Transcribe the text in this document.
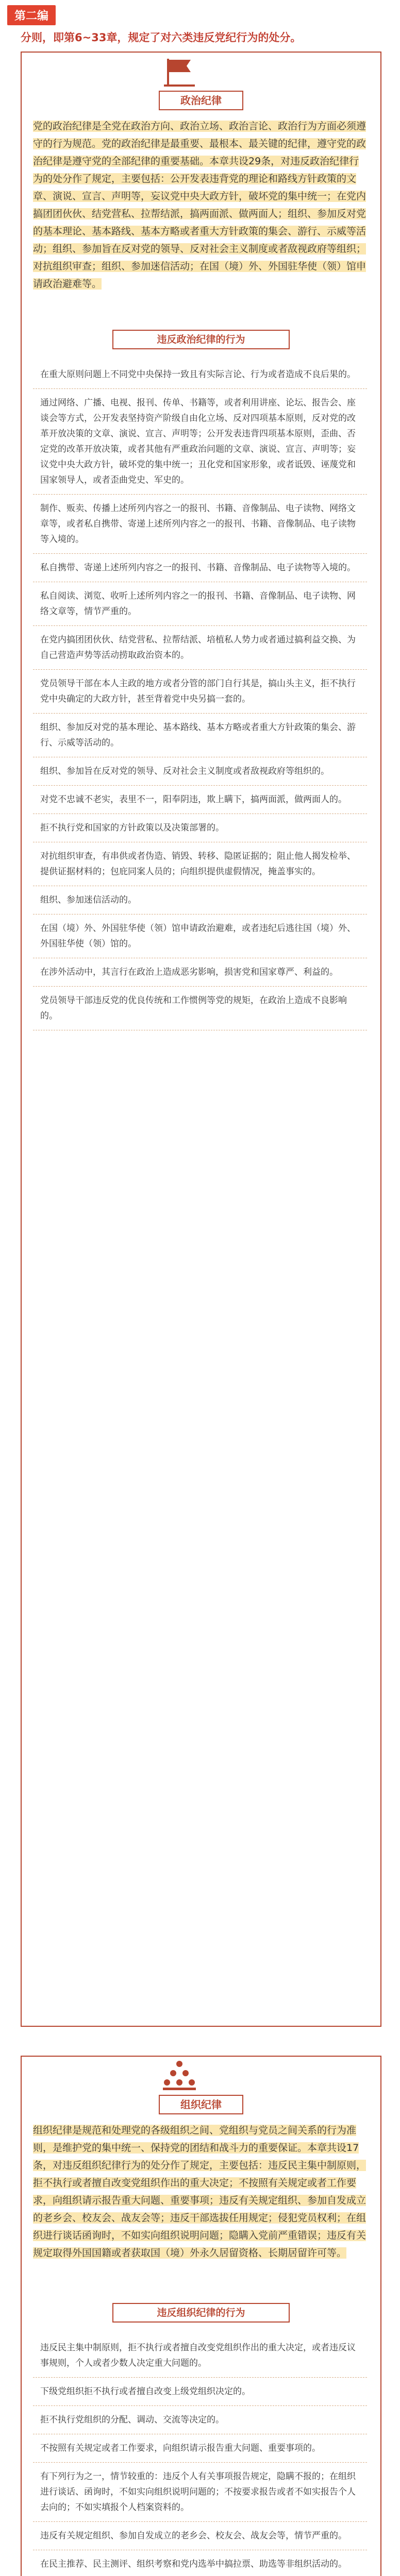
第二编
分则，即第6~33章，规定了对六类违反党纪行为的处分。
政治纪律
党的政治纪律是全党在政治方向、政治立场、政治言论、政治行为方面必须遵守的行为规范。党的政治纪律是最重要、最根本、最关键的纪律，遵守党的政治纪律是遵守党的全部纪律的重要基础。本章共设29条，对违反政治纪律行为的处分作了规定，主要包括：公开发表违背党的理论和路线方针政策的文章、演说、宣言、声明等，妄议党中央大政方针，破坏党的集中统一；在党内搞团团伙伙、结党营私、拉帮结派，搞两面派、做两面人；组织、参加反对党的基本理论、基本路线、基本方略或者重大方针政策的集会、游行、示威等活动；组织、参加旨在反对党的领导、反对社会主义制度或者敌视政府等组织；对抗组织审查；组织、参加迷信活动；在国（境）外、外国驻华使（领）馆申请政治避难等。
违反政治纪律的行为

在重大原则问题上不同党中央保持一致且有实际言论、行为或者造成不良后果的。

通过网络、广播、电视、报刊、传单、书籍等，或者利用讲座、论坛、报告会、座谈会等方式，公开发表坚持资产阶级自由化立场、反对四项基本原则，反对党的改革开放决策的文章、演说、宣言、声明等；公开发表违背四项基本原则，歪曲、否定党的改革开放决策，或者其他有严重政治问题的文章、演说、宣言、声明等；妄议党中央大政方针，破坏党的集中统一；丑化党和国家形象，或者诋毁、诬蔑党和国家领导人，或者歪曲党史、军史的。

制作、贩卖、传播上述所列内容之一的报刊、书籍、音像制品、电子读物、网络文章等，或者私自携带、寄递上述所列内容之一的报刊、书籍、音像制品、电子读物等入境的。

私自携带、寄递上述所列内容之一的报刊、书籍、音像制品、电子读物等入境的。

私自阅读、浏览、收听上述所列内容之一的报刊、书籍、音像制品、电子读物、网络文章等，情节严重的。

在党内搞团团伙伙、结党营私、拉帮结派、培植私人势力或者通过搞利益交换、为自己营造声势等活动捞取政治资本的。

党员领导干部在本人主政的地方或者分管的部门自行其是，搞山头主义，拒不执行党中央确定的大政方针，甚至背着党中央另搞一套的。

组织、参加反对党的基本理论、基本路线、基本方略或者重大方针政策的集会、游行、示威等活动的。

组织、参加旨在反对党的领导、反对社会主义制度或者敌视政府等组织的。

对党不忠诚不老实，表里不一，阳奉阴违，欺上瞒下，搞两面派，做两面人的。

拒不执行党和国家的方针政策以及决策部署的。

对抗组织审查，有串供或者伪造、销毁、转移、隐匿证据的；阻止他人揭发检举、提供证据材料的；包庇同案人员的；向组织提供虚假情况，掩盖事实的。

组织、参加迷信活动的。

在国（境）外、外国驻华使（领）馆申请政治避难，或者违纪后逃往国（境）外、外国驻华使（领）馆的。

在涉外活动中，其言行在政治上造成恶劣影响，损害党和国家尊严、利益的。

党员领导干部违反党的优良传统和工作惯例等党的规矩，在政治上造成不良影响的。

组织纪律
组织纪律是规范和处理党的各级组织之间、党组织与党员之间关系的行为准则，是维护党的集中统一、保持党的团结和战斗力的重要保证。本章共设17条，对违反组织纪律行为的处分作了规定，主要包括：违反民主集中制原则，拒不执行或者擅自改变党组织作出的重大决定；不按照有关规定或者工作要求，向组织请示报告重大问题、重要事项；违反有关规定组织、参加自发成立的老乡会、校友会、战友会等；违反干部选拔任用规定；侵犯党员权利；在组织进行谈话函询时，不如实向组织说明问题；隐瞒入党前严重错误；违反有关规定取得外国国籍或者获取国（境）外永久居留资格、长期居留许可等。
违反组织纪律的行为

违反民主集中制原则，拒不执行或者擅自改变党组织作出的重大决定，或者违反议事规则，个人或者少数人决定重大问题的。

下级党组织拒不执行或者擅自改变上级党组织决定的。

拒不执行党组织的分配、调动、交流等决定的。

不按照有关规定或者工作要求，向组织请示报告重大问题、重要事项的。

有下列行为之一，情节较重的：违反个人有关事项报告规定，隐瞒不报的；在组织进行谈话、函询时，不如实向组织说明问题的；不按要求报告或者不如实报告个人去向的；不如实填报个人档案资料的。

违反有关规定组织、参加自发成立的老乡会、校友会、战友会等，情节严重的。

在民主推荐、民主测评、组织考察和党内选举中搞拉票、助选等非组织活动的。
